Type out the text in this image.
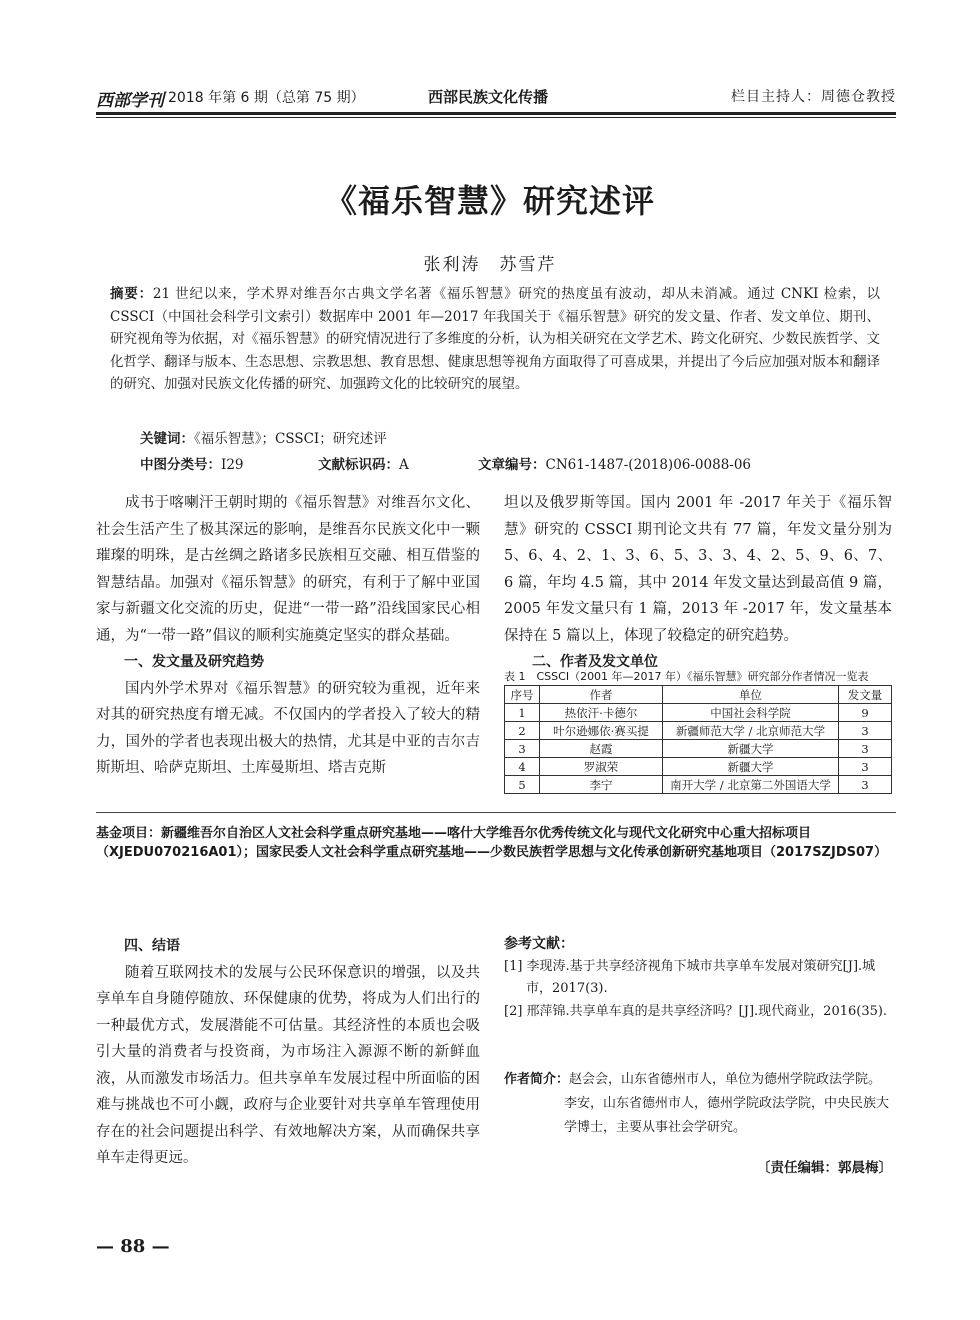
西部学刊 2018 年第 6 期（总第 75 期）	西部民族文化传播	栏目主持人：周德仓教授
《福乐智慧》研究述评
张利涛　苏雪芹
摘要：21 世纪以来，学术界对维吾尔古典文学名著《福乐智慧》研究的热度虽有波动，却从未消减。通过 CNKI 检索，以 CSSCI（中国社会科学引文索引）数据库中 2001 年—2017 年我国关于《福乐智慧》研究的发文量、作者、发文单位、期刊、研究视角等为依据，对《福乐智慧》的研究情况进行了多维度的分析，认为相关研究在文学艺术、跨文化研究、少数民族哲学、文化哲学、翻译与版本、生态思想、宗教思想、教育思想、健康思想等视角方面取得了可喜成果，并提出了今后应加强对版本和翻译的研究、加强对民族文化传播的研究、加强跨文化的比较研究的展望。
关键词：《福乐智慧》；CSSCI；研究述评
中图分类号：I29	文献标识码：A	文章编号：CN61-1487-(2018)06-0088-06

成书于喀喇汗王朝时期的《福乐智慧》对维吾尔文化、社会生活产生了极其深远的影响，是维吾尔民族文化中一颗璀璨的明珠，是古丝绸之路诸多民族相互交融、相互借鉴的智慧结晶。加强对《福乐智慧》的研究，有利于了解中亚国家与新疆文化交流的历史，促进“一带一路”沿线国家民心相通，为“一带一路”倡议的顺利实施奠定坚实的群众基础。

一、发文量及研究趋势

国内外学术界对《福乐智慧》的研究较为重视，近年来对其的研究热度有增无减。不仅国内的学者投入了较大的精力，国外的学者也表现出极大的热情，尤其是中亚的吉尔吉斯斯坦、哈萨克斯坦、土库曼斯坦、塔吉克斯

坦以及俄罗斯等国。国内 2001 年 -2017 年关于《福乐智慧》研究的 CSSCI 期刊论文共有 77 篇，年发文量分别为 5、6、4、2、1、3、6、5、3、3、4、2、5、9、6、7、6 篇，年均 4.5 篇，其中 2014 年发文量达到最高值 9 篇，2005 年发文量只有 1 篇，2013 年 -2017 年，发文量基本保持在 5 篇以上，体现了较稳定的研究趋势。

二、作者及发文单位

表 1　CSSCI（2001 年—2017 年）《福乐智慧》研究部分作者情况一览表
序号	作者	单位	发文量
1	热依汗·卡德尔	中国社会科学院	9
2	叶尔逊娜依·赛买提	新疆师范大学 / 北京师范大学	3
3	赵霞	新疆大学	3
4	罗淑荣	新疆大学	3
5	李宁	南开大学 / 北京第二外国语大学	3
基金项目：新疆维吾尔自治区人文社会科学重点研究基地——喀什大学维吾尔优秀传统文化与现代文化研究中心重大招标项目（XJEDU070216A01）；国家民委人文社会科学重点研究基地——少数民族哲学思想与文化传承创新研究基地项目（2017SZJDS07）

四、结语

随着互联网技术的发展与公民环保意识的增强，以及共享单车自身随停随放、环保健康的优势，将成为人们出行的一种最优方式，发展潜能不可估量。其经济性的本质也会吸引大量的消费者与投资商，为市场注入源源不断的新鲜血液，从而激发市场活力。但共享单车发展过程中所面临的困难与挑战也不可小觑，政府与企业要针对共享单车管理使用存在的社会问题提出科学、有效地解决方案，从而确保共享单车走得更远。

参考文献：

[1] 李现涛.基于共享经济视角下城市共享单车发展对策研究[J].城市，2017(3).

[2] 邢萍锦.共享单车真的是共享经济吗？[J].现代商业，2016(35).

作者简介：赵会会，山东省德州市人，单位为德州学院政法学院。
李安，山东省德州市人，德州学院政法学院，中央民族大学博士，主要从事社会学研究。
〔责任编辑：郭晨梅〕
— 88 —
